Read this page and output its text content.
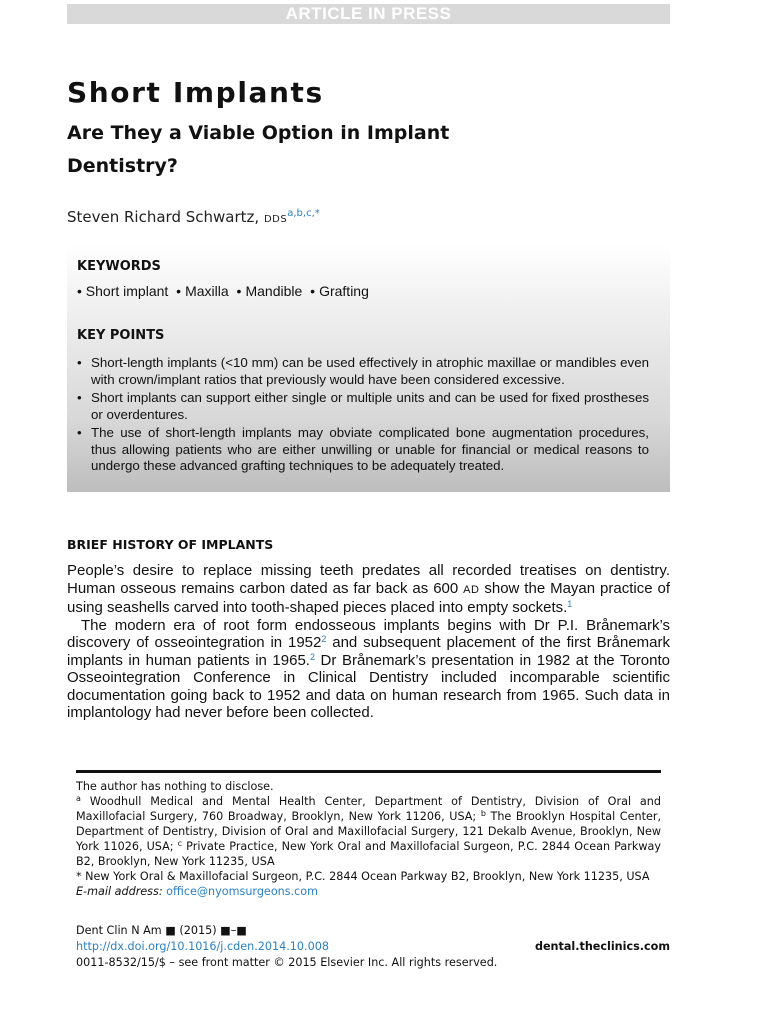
ARTICLE IN PRESS
Short Implants
Are They a Viable Option in Implant Dentistry?
Steven Richard Schwartz, $DDS^{a,b,c,*}$
KEYWORDS
• Short implant • Maxilla • Mandible • Grafting
KEY POINTS
• Short-length implants (<10 mm) can be used effectively in atrophic maxillae or mandibles even with crown/implant ratios that previously would have been considered excessive.
• Short implants can support either single or multiple units and can be used for fixed prostheses or overdentures.
• The use of short-length implants may obviate complicated bone augmentation procedures, thus allowing patients who are either unwilling or unable for financial or medical reasons to undergo these advanced grafting techniques to be adequately treated.
BRIEF HISTORY OF IMPLANTS

People’s desire to replace missing teeth predates all recorded treatises on dentistry. Human osseous remains carbon dated as far back as 600 AD show the Mayan practice of using seashells carved into tooth-shaped pieces placed into empty sockets.$^1$

The modern era of root form endosseous implants begins with Dr P.I. Brånemark’s discovery of osseointegration in 1952$^2$ and subsequent placement of the first Brånemark implants in human patients in 1965.$^2$ Dr Brånemark’s presentation in 1982 at the Toronto Osseointegration Conference in Clinical Dentistry included incomparable scientific documentation going back to 1952 and data on human research from 1965. Such data in implantology had never before been collected.

The author has nothing to disclose.

$^a$ Woodhull Medical and Mental Health Center, Department of Dentistry, Division of Oral and Maxillofacial Surgery, 760 Broadway, Brooklyn, New York 11206, USA; $^b$ The Brooklyn Hospital Center, Department of Dentistry, Division of Oral and Maxillofacial Surgery, 121 Dekalb Avenue, Brooklyn, New York 11026, USA; $^c$ Private Practice, New York Oral and Maxillofacial Surgeon, P.C. 2844 Ocean Parkway B2, Brooklyn, New York 11235, USA

* New York Oral & Maxillofacial Surgeon, P.C. 2844 Ocean Parkway B2, Brooklyn, New York 11235, USA

E-mail address: office@nyomsurgeons.com

Dent Clin N Am ■ (2015) ■–■
http://dx.doi.org/10.1016/j.cden.2014.10.008	dental.theclinics.com
0011-8532/15/$ – see front matter © 2015 Elsevier Inc. All rights reserved.
